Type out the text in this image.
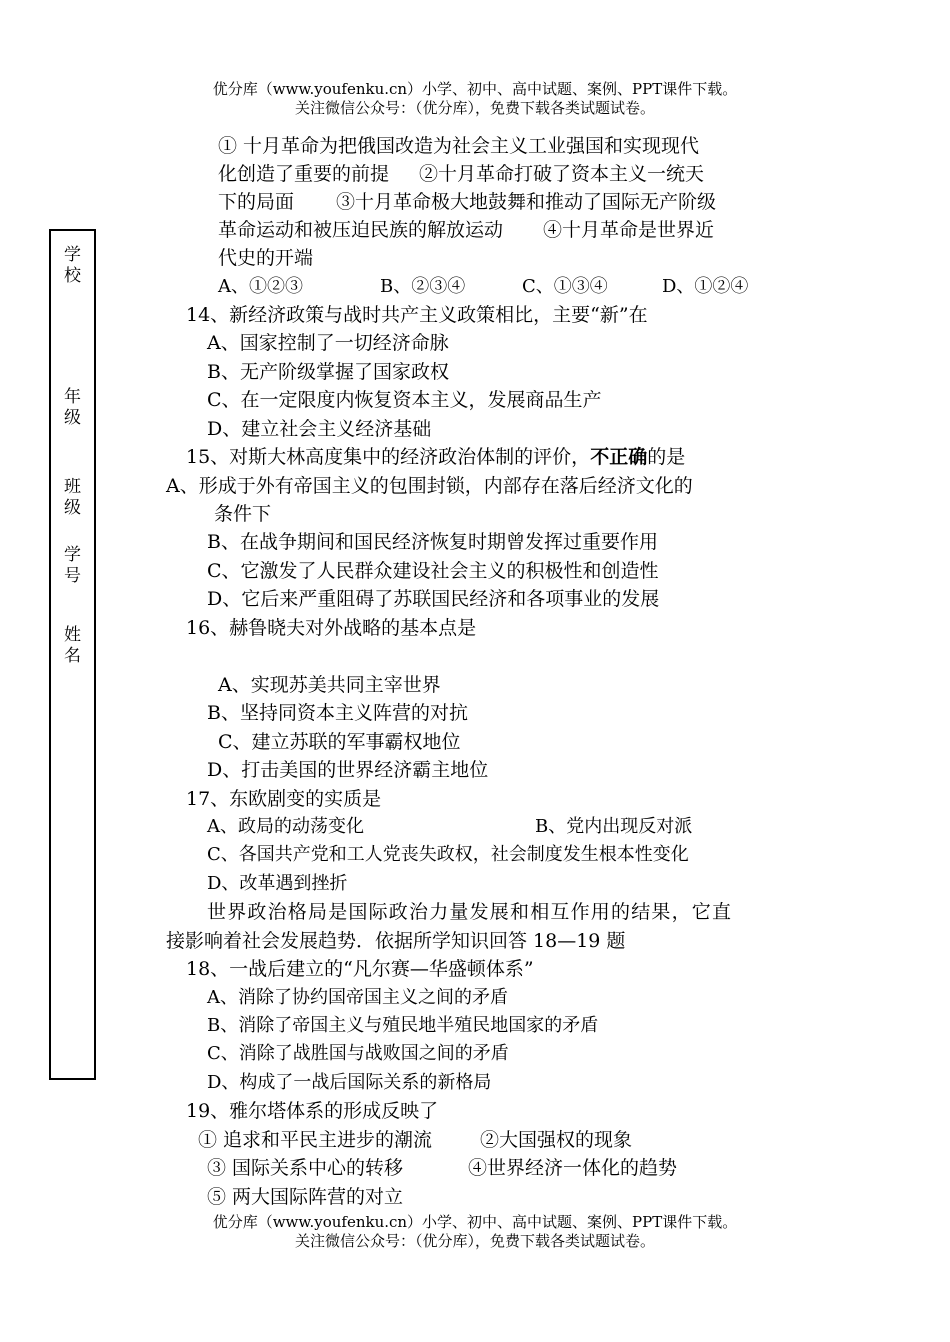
优分库（www.youfenku.cn）小学、初中、高中试题、案例、PPT课件下载。
关注微信公众号：（优分库），免费下载各类试题试卷。
学校
年级
班级
学号
姓名
① 十月革命为把俄国改造为社会主义工业强国和实现现代
化创造了重要的前提 ②十月革命打破了资本主义一统天
下的局面 ③十月革命极大地鼓舞和推动了国际无产阶级
革命运动和被压迫民族的解放运动 ④十月革命是世界近
代史的开端
A、①②③	B、②③④	C、①③④	D、①②④
14、新经济政策与战时共产主义政策相比，主要“新”在
A、国家控制了一切经济命脉
B、无产阶级掌握了国家政权
C、在一定限度内恢复资本主义，发展商品生产
D、建立社会主义经济基础
15、对斯大林高度集中的经济政治体制的评价，不正确的是
A、形成于外有帝国主义的包围封锁，内部存在落后经济文化的
条件下
B、在战争期间和国民经济恢复时期曾发挥过重要作用
C、它激发了人民群众建设社会主义的积极性和创造性
D、它后来严重阻碍了苏联国民经济和各项事业的发展
16、赫鲁晓夫对外战略的基本点是
A、实现苏美共同主宰世界
B、坚持同资本主义阵营的对抗
C、建立苏联的军事霸权地位
D、打击美国的世界经济霸主地位
17、东欧剧变的实质是
A、政局的动荡变化	B、党内出现反对派
C、各国共产党和工人党丧失政权，社会制度发生根本性变化
D、改革遇到挫折
世界政治格局是国际政治力量发展和相互作用的结果，它直
接影响着社会发展趋势．依据所学知识回答 18—19 题
18、一战后建立的“凡尔赛—华盛顿体系”
A、消除了协约国帝国主义之间的矛盾
B、消除了帝国主义与殖民地半殖民地国家的矛盾
C、消除了战胜国与战败国之间的矛盾
D、构成了一战后国际关系的新格局
19、雅尔塔体系的形成反映了
① 追求和平民主进步的潮流	②大国强权的现象
③ 国际关系中心的转移	④世界经济一体化的趋势
⑤ 两大国际阵营的对立
优分库（www.youfenku.cn）小学、初中、高中试题、案例、PPT课件下载。
关注微信公众号：（优分库），免费下载各类试题试卷。
